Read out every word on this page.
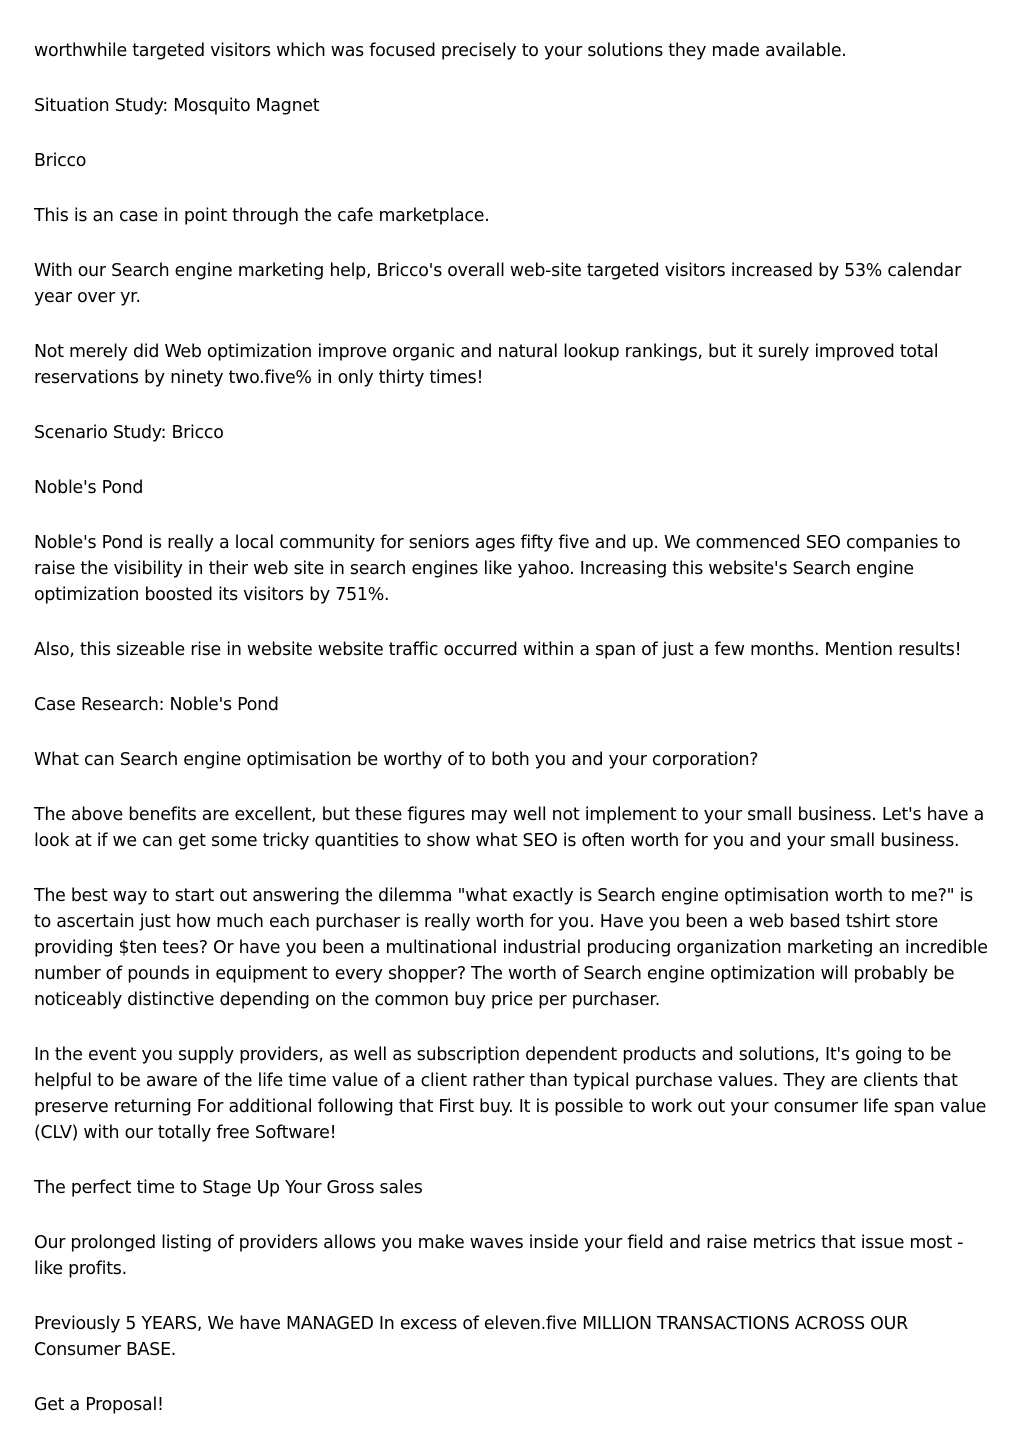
worthwhile targeted visitors which was focused precisely to your solutions they made available.

Situation Study: Mosquito Magnet

Bricco

This is an case in point through the cafe marketplace.

With our Search engine marketing help, Bricco's overall web-site targeted visitors increased by 53% calendar year over yr.

Not merely did Web optimization improve organic and natural lookup rankings, but it surely improved total reservations by ninety two.five% in only thirty times!

Scenario Study: Bricco

Noble's Pond

Noble's Pond is really a local community for seniors ages fifty five and up. We commenced SEO companies to raise the visibility in their web site in search engines like yahoo. Increasing this website's Search engine optimization boosted its visitors by 751%.

Also, this sizeable rise in website website traffic occurred within a span of just a few months. Mention results!

Case Research: Noble's Pond

What can Search engine optimisation be worthy of to both you and your corporation?

The above benefits are excellent, but these figures may well not implement to your small business. Let's have a look at if we can get some tricky quantities to show what SEO is often worth for you and your small business.

The best way to start out answering the dilemma "what exactly is Search engine optimisation worth to me?" is to ascertain just how much each purchaser is really worth for you. Have you been a web based tshirt store providing $ten tees? Or have you been a multinational industrial producing organization marketing an incredible number of pounds in equipment to every shopper? The worth of Search engine optimization will probably be noticeably distinctive depending on the common buy price per purchaser.

In the event you supply providers, as well as subscription dependent products and solutions, It's going to be helpful to be aware of the life time value of a client rather than typical purchase values. They are clients that preserve returning For additional following that First buy. It is possible to work out your consumer life span value (CLV) with our totally free Software!

The perfect time to Stage Up Your Gross sales

Our prolonged listing of providers allows you make waves inside your field and raise metrics that issue most - like profits.

Previously 5 YEARS, We have MANAGED In excess of eleven.five MILLION TRANSACTIONS ACROSS OUR Consumer BASE.

Get a Proposal!
